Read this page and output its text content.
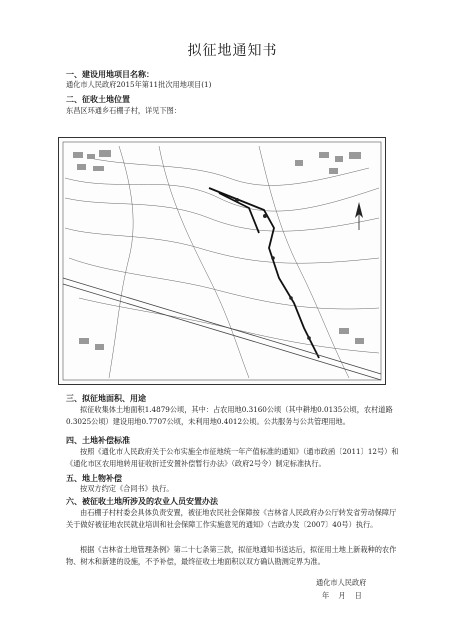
拟征地通知书
一、建设用地项目名称：
通化市人民政府2015年第11批次用地项目(1)
二、征收土地位置
东昌区环通乡石棚子村，详见下图：
三、拟征地面积、用途
拟征收集体土地面积1.4879公顷，其中：占农用地0.3160公顷（其中耕地0.0135公顷，农村道路0.3025公顷）建设用地0.7707公顷，未利用地0.4012公顷。公共服务与公共管理用地。
四、土地补偿标准
按照《通化市人民政府关于公布实施全市征地统一年产值标准的通知》（通市政函〔2011〕12号）和《通化市区农用地转用征收折迁安置补偿暂行办法》（政府2号令）制定标准执行。
五、地上物补偿
按双方约定《合同书》执行。
六、被征收土地所涉及的农业人员安置办法
由石棚子村村委会具体负责安置，被征地农民社会保障按《吉林省人民政府办公厅转发省劳动保障厅关于做好被征地农民就业培训和社会保障工作实施意见的通知》（吉政办发〔2007〕40号）执行。
根据《吉林省土地管理条例》第二十七条第三款，拟征地通知书送达后，拟征用土地上新栽种的农作物、树木和新建的设施，不予补偿，最终征收土地面积以双方确认勘测定界为准。
通化市人民政府
年    月    日
